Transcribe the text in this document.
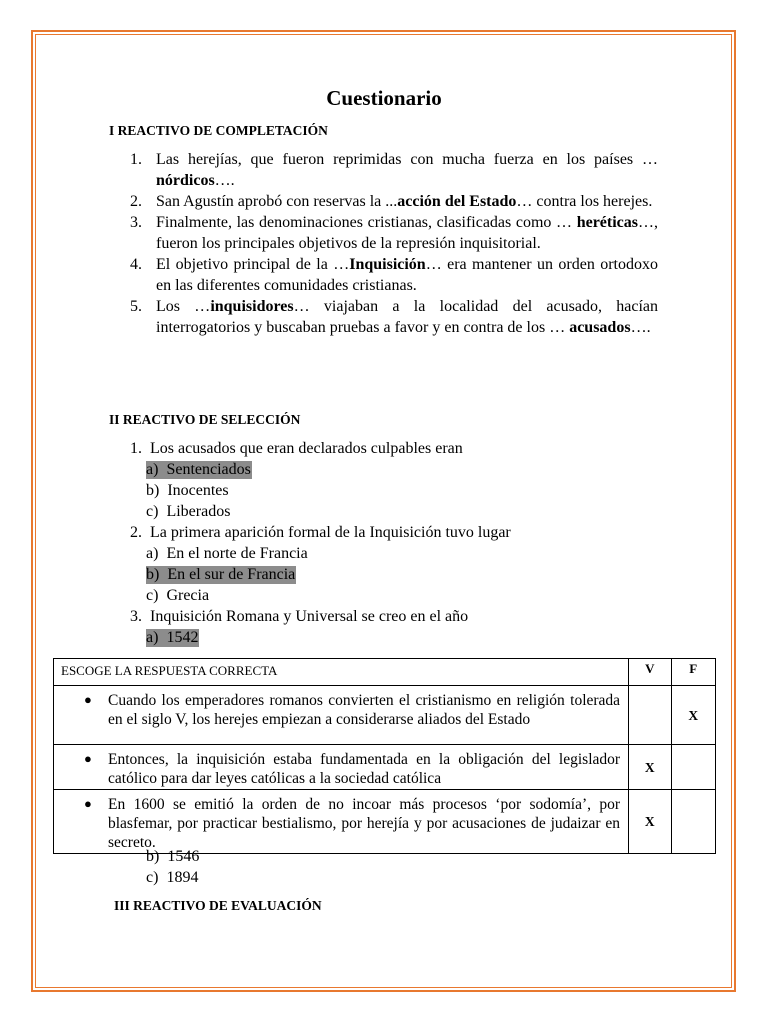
Cuestionario
I REACTIVO DE COMPLETACIÓN
1. Las herejías, que fueron reprimidas con mucha fuerza en los países …nórdicos….
2. San Agustín aprobó con reservas la ...acción del Estado… contra los herejes.
3. Finalmente, las denominaciones cristianas, clasificadas como … heréticas…, fueron los principales objetivos de la represión inquisitorial.
4. El objetivo principal de la …Inquisición… era mantener un orden ortodoxo en las diferentes comunidades cristianas.
5. Los …inquisidores… viajaban a la localidad del acusado, hacían interrogatorios y buscaban pruebas a favor y en contra de los … acusados….
II REACTIVO DE SELECCIÓN
1. Los acusados que eran declarados culpables eran
a) Sentenciados
b) Inocentes
c) Liberados
2. La primera aparición formal de la Inquisición tuvo lugar
a) En el norte de Francia
b) En el sur de Francia
c) Grecia
3. Inquisición Romana y Universal se creo en el año
a) 1542
b) 1546
c) 1894
ESCOGE LA RESPUESTA CORRECTA	V	F

● Cuando los emperadores romanos convierten el cristianismo en religión tolerada en el siglo V, los herejes empiezan a considerarse aliados del Estado		X

● Entonces, la inquisición estaba fundamentada en la obligación del legislador católico para dar leyes católicas a la sociedad católica	X	

● En 1600 se emitió la orden de no incoar más procesos ‘por sodomía’, por blasfemar, por practicar bestialismo, por herejía y por acusaciones de judaizar en secreto.	X	
III REACTIVO DE EVALUACIÓN
